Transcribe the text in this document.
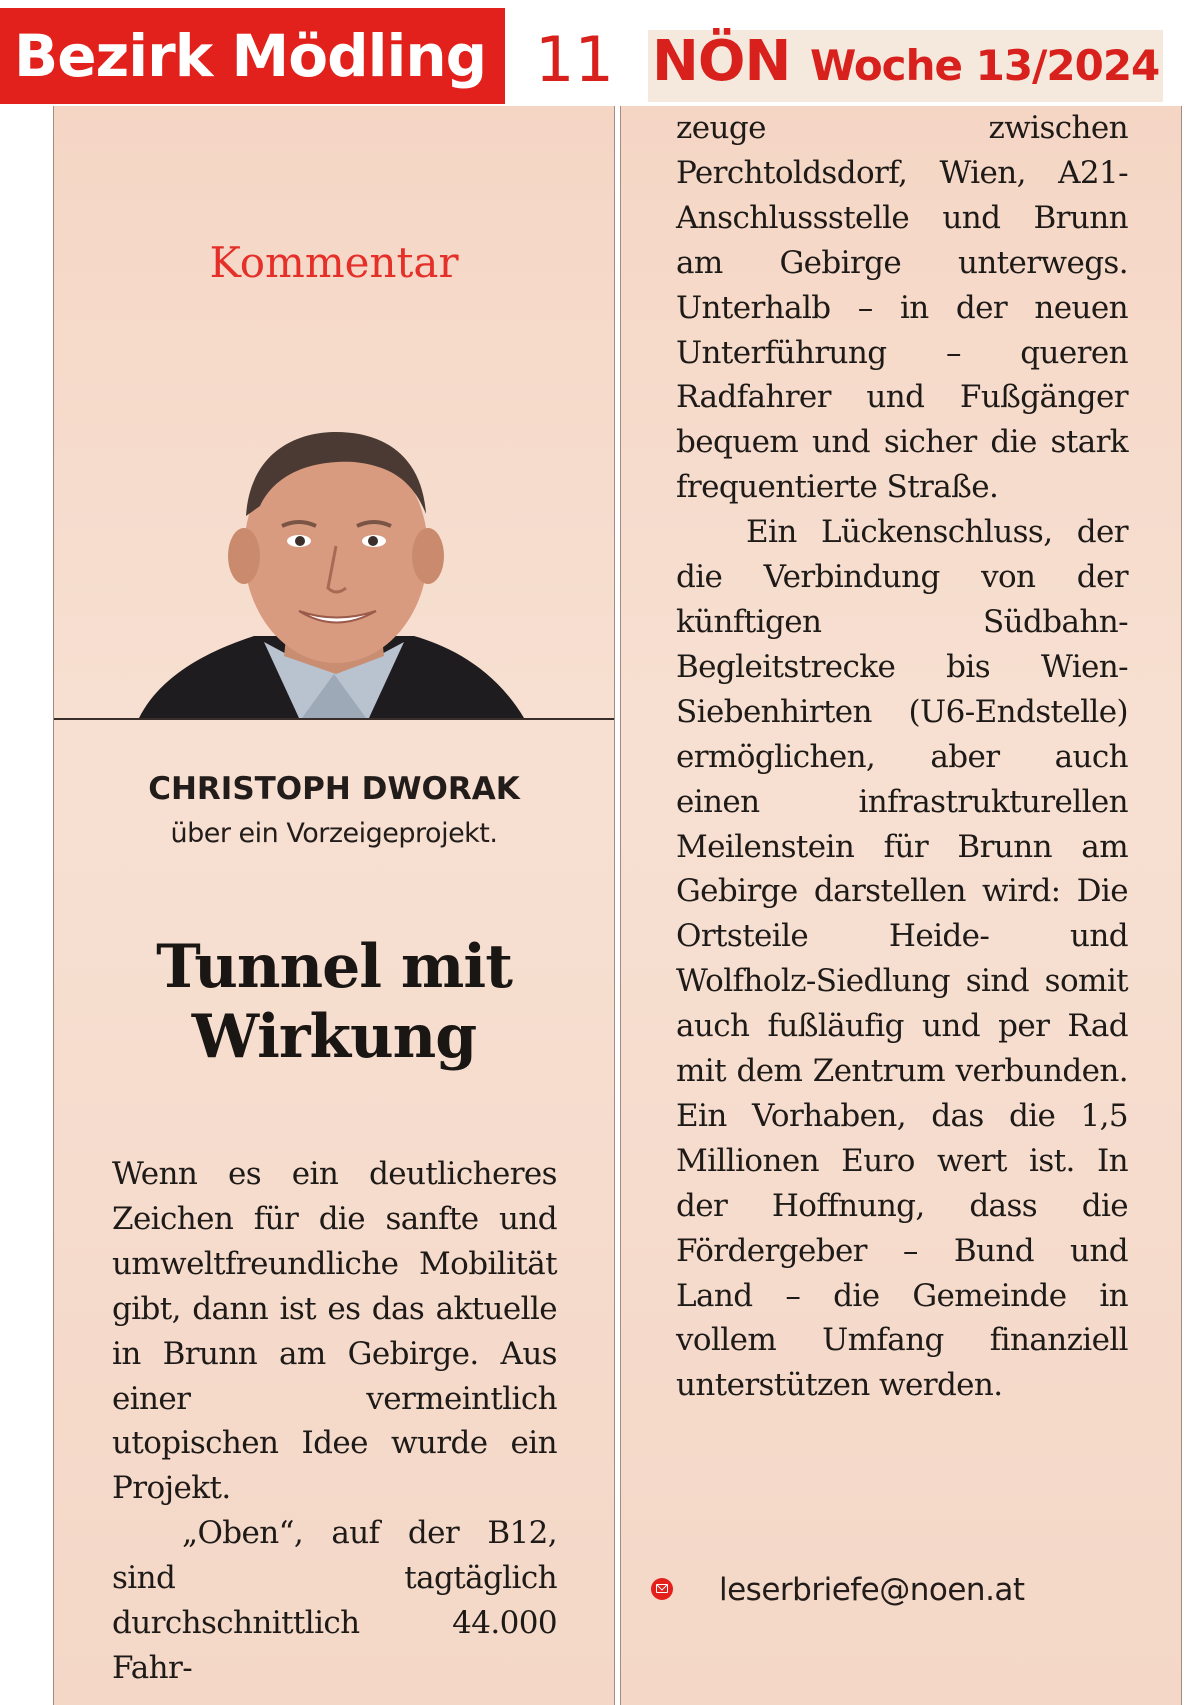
Bezirk Mödling 11 NÖN Woche 13/2024
Kommentar
CHRISTOPH DWORAK
über ein Vorzeigeprojekt.
Tunnel mit
Wirkung

Wenn es ein deutlicheres Zeichen für die sanfte und umweltfreundliche Mobilität gibt, dann ist es das aktuelle in Brunn am Gebirge. Aus einer vermeintlich utopischen Idee wurde ein Projekt.

„Oben“, auf der B12, sind tagtäglich durchschnittlich 44.000 Fahr-

zeuge zwischen Perchtoldsdorf, Wien, A21-Anschlussstelle und Brunn am Gebirge unterwegs. Unterhalb – in der neuen Unterführung – queren Radfahrer und Fußgänger bequem und sicher die stark frequentierte Straße.

Ein Lückenschluss, der die Verbindung von der künftigen Südbahn-Begleitstrecke bis Wien-Siebenhirten (U6-Endstelle) ermöglichen, aber auch einen infrastrukturellen Meilenstein für Brunn am Gebirge darstellen wird: Die Ortsteile Heide- und Wolfholz-Siedlung sind somit auch fußläufig und per Rad mit dem Zentrum verbunden. Ein Vorhaben, das die 1,5 Millionen Euro wert ist. In der Hoffnung, dass die Fördergeber – Bund und Land – die Gemeinde in vollem Umfang finanziell unterstützen werden.

leserbriefe@noen.at
